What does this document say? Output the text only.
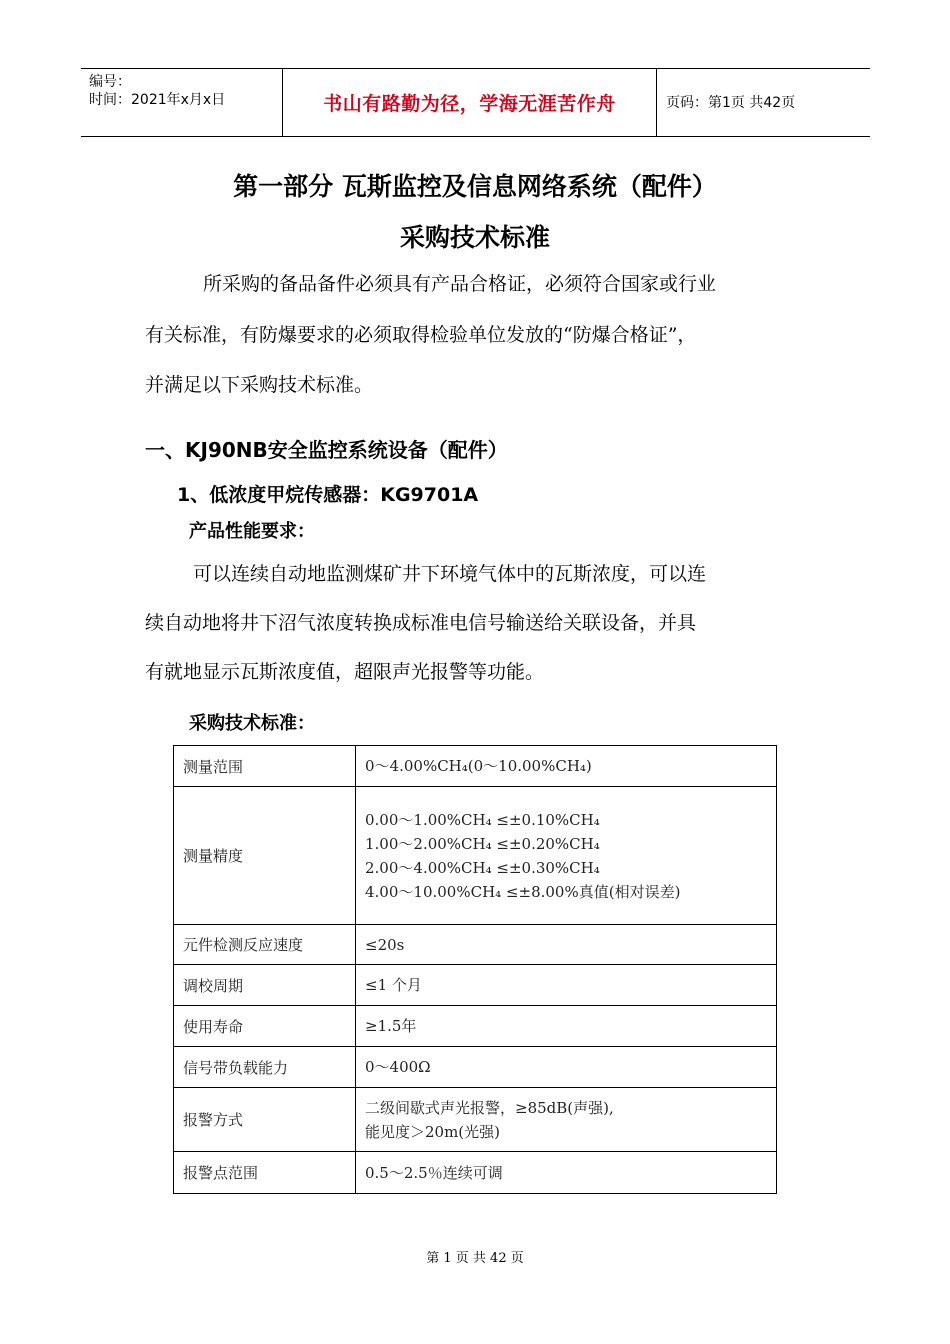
编号：
时间：2021年x月x日	书山有路勤为径，学海无涯苦作舟	页码：第1页 共42页
第一部分 瓦斯监控及信息网络系统（配件）
采购技术标准
所采购的备品备件必须具有产品合格证，必须符合国家或行业
有关标准，有防爆要求的必须取得检验单位发放的“防爆合格证”，
并满足以下采购技术标准。
一、KJ90NB安全监控系统设备（配件）
1、低浓度甲烷传感器：KG9701A
产品性能要求：
可以连续自动地监测煤矿井下环境气体中的瓦斯浓度，可以连
续自动地将井下沼气浓度转换成标准电信号输送给关联设备，并具
有就地显示瓦斯浓度值，超限声光报警等功能。
采购技术标准：
测量范围	0～4.00%CH₄(0～10.00%CH₄)
测量精度	0.00～1.00%CH₄ ≤±0.10%CH₄
1.00～2.00%CH₄ ≤±0.20%CH₄
2.00～4.00%CH₄ ≤±0.30%CH₄
4.00～10.00%CH₄ ≤±8.00%真值(相对误差)

元件检测反应速度	≤20s
调校周期	≤1 个月
使用寿命	≥1.5年
信号带负载能力	0～400Ω
报警方式	二级间歇式声光报警，≥85dB(声强),
能见度＞20m(光强)

报警点范围	0.5～2.5％连续可调
第 1 页 共 42 页
